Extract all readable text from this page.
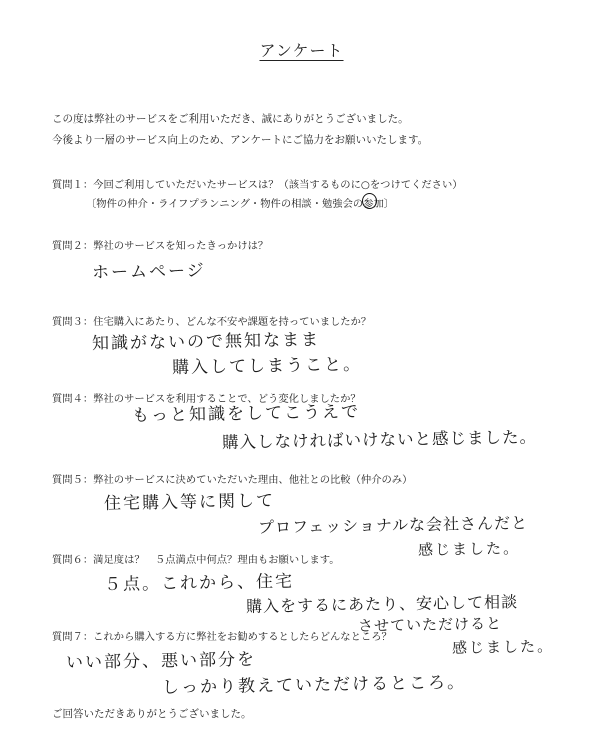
アンケート
この度は弊社のサービスをご利用いただき、誠にありがとうございました。
今後より一層のサービス向上のため、アンケートにご協力をお願いいたします。
質問１：今回ご利用していただいたサービスは？（該当するものに○をつけてください）
〔物件の仲介・ライフプランニング・物件の相談・勉強会の参加〕
質問２：弊社のサービスを知ったきっかけは？
ホームページ
質問３：住宅購入にあたり、どんな不安や課題を持っていましたか？
知識がないので無知なまま
購入してしまうこと。
質問４：弊社のサービスを利用することで、どう変化しましたか？
もっと知識をしてこうえで
購入しなければいけないと感じました。
質問５：弊社のサービスに決めていただいた理由、他社との比較（仲介のみ）
住宅購入等に関して
プロフェッショナルな会社さんだと
感じました。
質問６：満足度は？　５点満点中何点？理由もお願いします。
５点。これから、住宅
購入をするにあたり、安心して相談
させていただけると
感じました。
質問７：これから購入する方に弊社をお勧めするとしたらどんなところ？
いい部分、悪い部分を
しっかり教えていただけるところ。
ご回答いただきありがとうございました。
